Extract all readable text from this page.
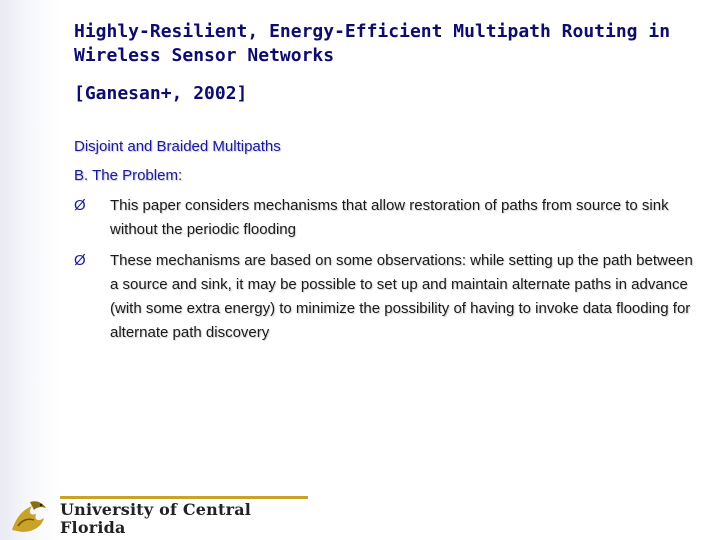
Highly-Resilient, Energy-Efficient Multipath Routing in Wireless Sensor Networks
[Ganesan+, 2002]
Disjoint and Braided Multipaths
B. The Problem:
Ø	This paper considers mechanisms that allow restoration of paths from source to sink without the periodic flooding
Ø	These mechanisms are based on some observations: while setting up the path between a source and sink, it may be possible to set up and maintain alternate paths in advance (with some extra energy) to minimize the possibility of having to invoke data flooding for alternate path discovery
University of Central Florida
